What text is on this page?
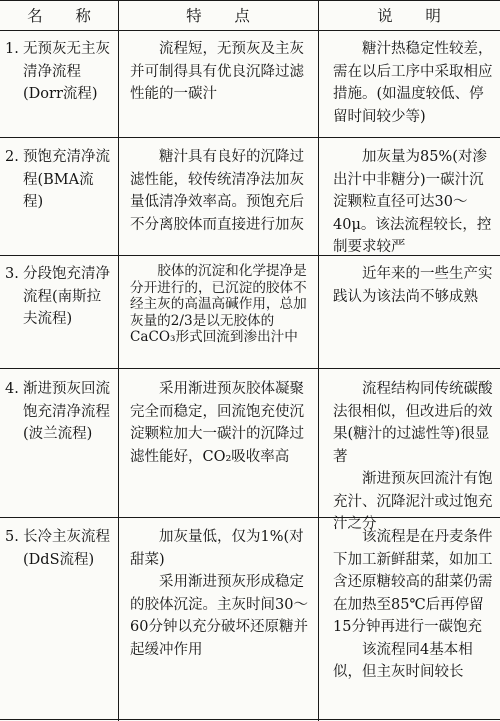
名 称	特 点	说 明
1. 无预灰无主灰清净流程(Dorr流程)

流程短，无预灰及主灰并可制得具有优良沉降过滤性能的一碳汁

糖汁热稳定性较差，需在以后工序中采取相应措施。(如温度较低、停留时间较少等)

2. 预饱充清净流程(BMA流程)

糖汁具有良好的沉降过滤性能，较传统清净法加灰量低清净效率高。预饱充后不分离胶体而直接进行加灰

加灰量为85%(对渗出汁中非糖分)一碳汁沉淀颗粒直径可达30～40μ。该法流程较长，控制要求较严

3. 分段饱充清净流程(南斯拉夫流程)

胶体的沉淀和化学提净是分开进行的，已沉淀的胶体不经主灰的高温高碱作用，总加灰量的2/3是以无胶体的CaCO₃形式回流到渗出汁中

近年来的一些生产实践认为该法尚不够成熟

4. 渐进预灰回流饱充清净流程(波兰流程)

采用渐进预灰胶体凝聚完全而稳定，回流饱充使沉淀颗粒加大一碳汁的沉降过滤性能好，CO₂吸收率高

流程结构同传统碳酸法很相似，但改进后的效果(糖汁的过滤性等)很显著

渐进预灰回流汁有饱充汁、沉降泥汁或过饱充汁之分

5. 长冷主灰流程(DdS流程)

加灰量低，仅为1%(对甜菜)

采用渐进预灰形成稳定的胶体沉淀。主灰时间30～60分钟以充分破坏还原糖并起缓冲作用

该流程是在丹麦条件下加工新鲜甜菜，如加工含还原糖较高的甜菜仍需在加热至85℃后再停留15分钟再进行一碳饱充

该流程同4基本相似，但主灰时间较长
